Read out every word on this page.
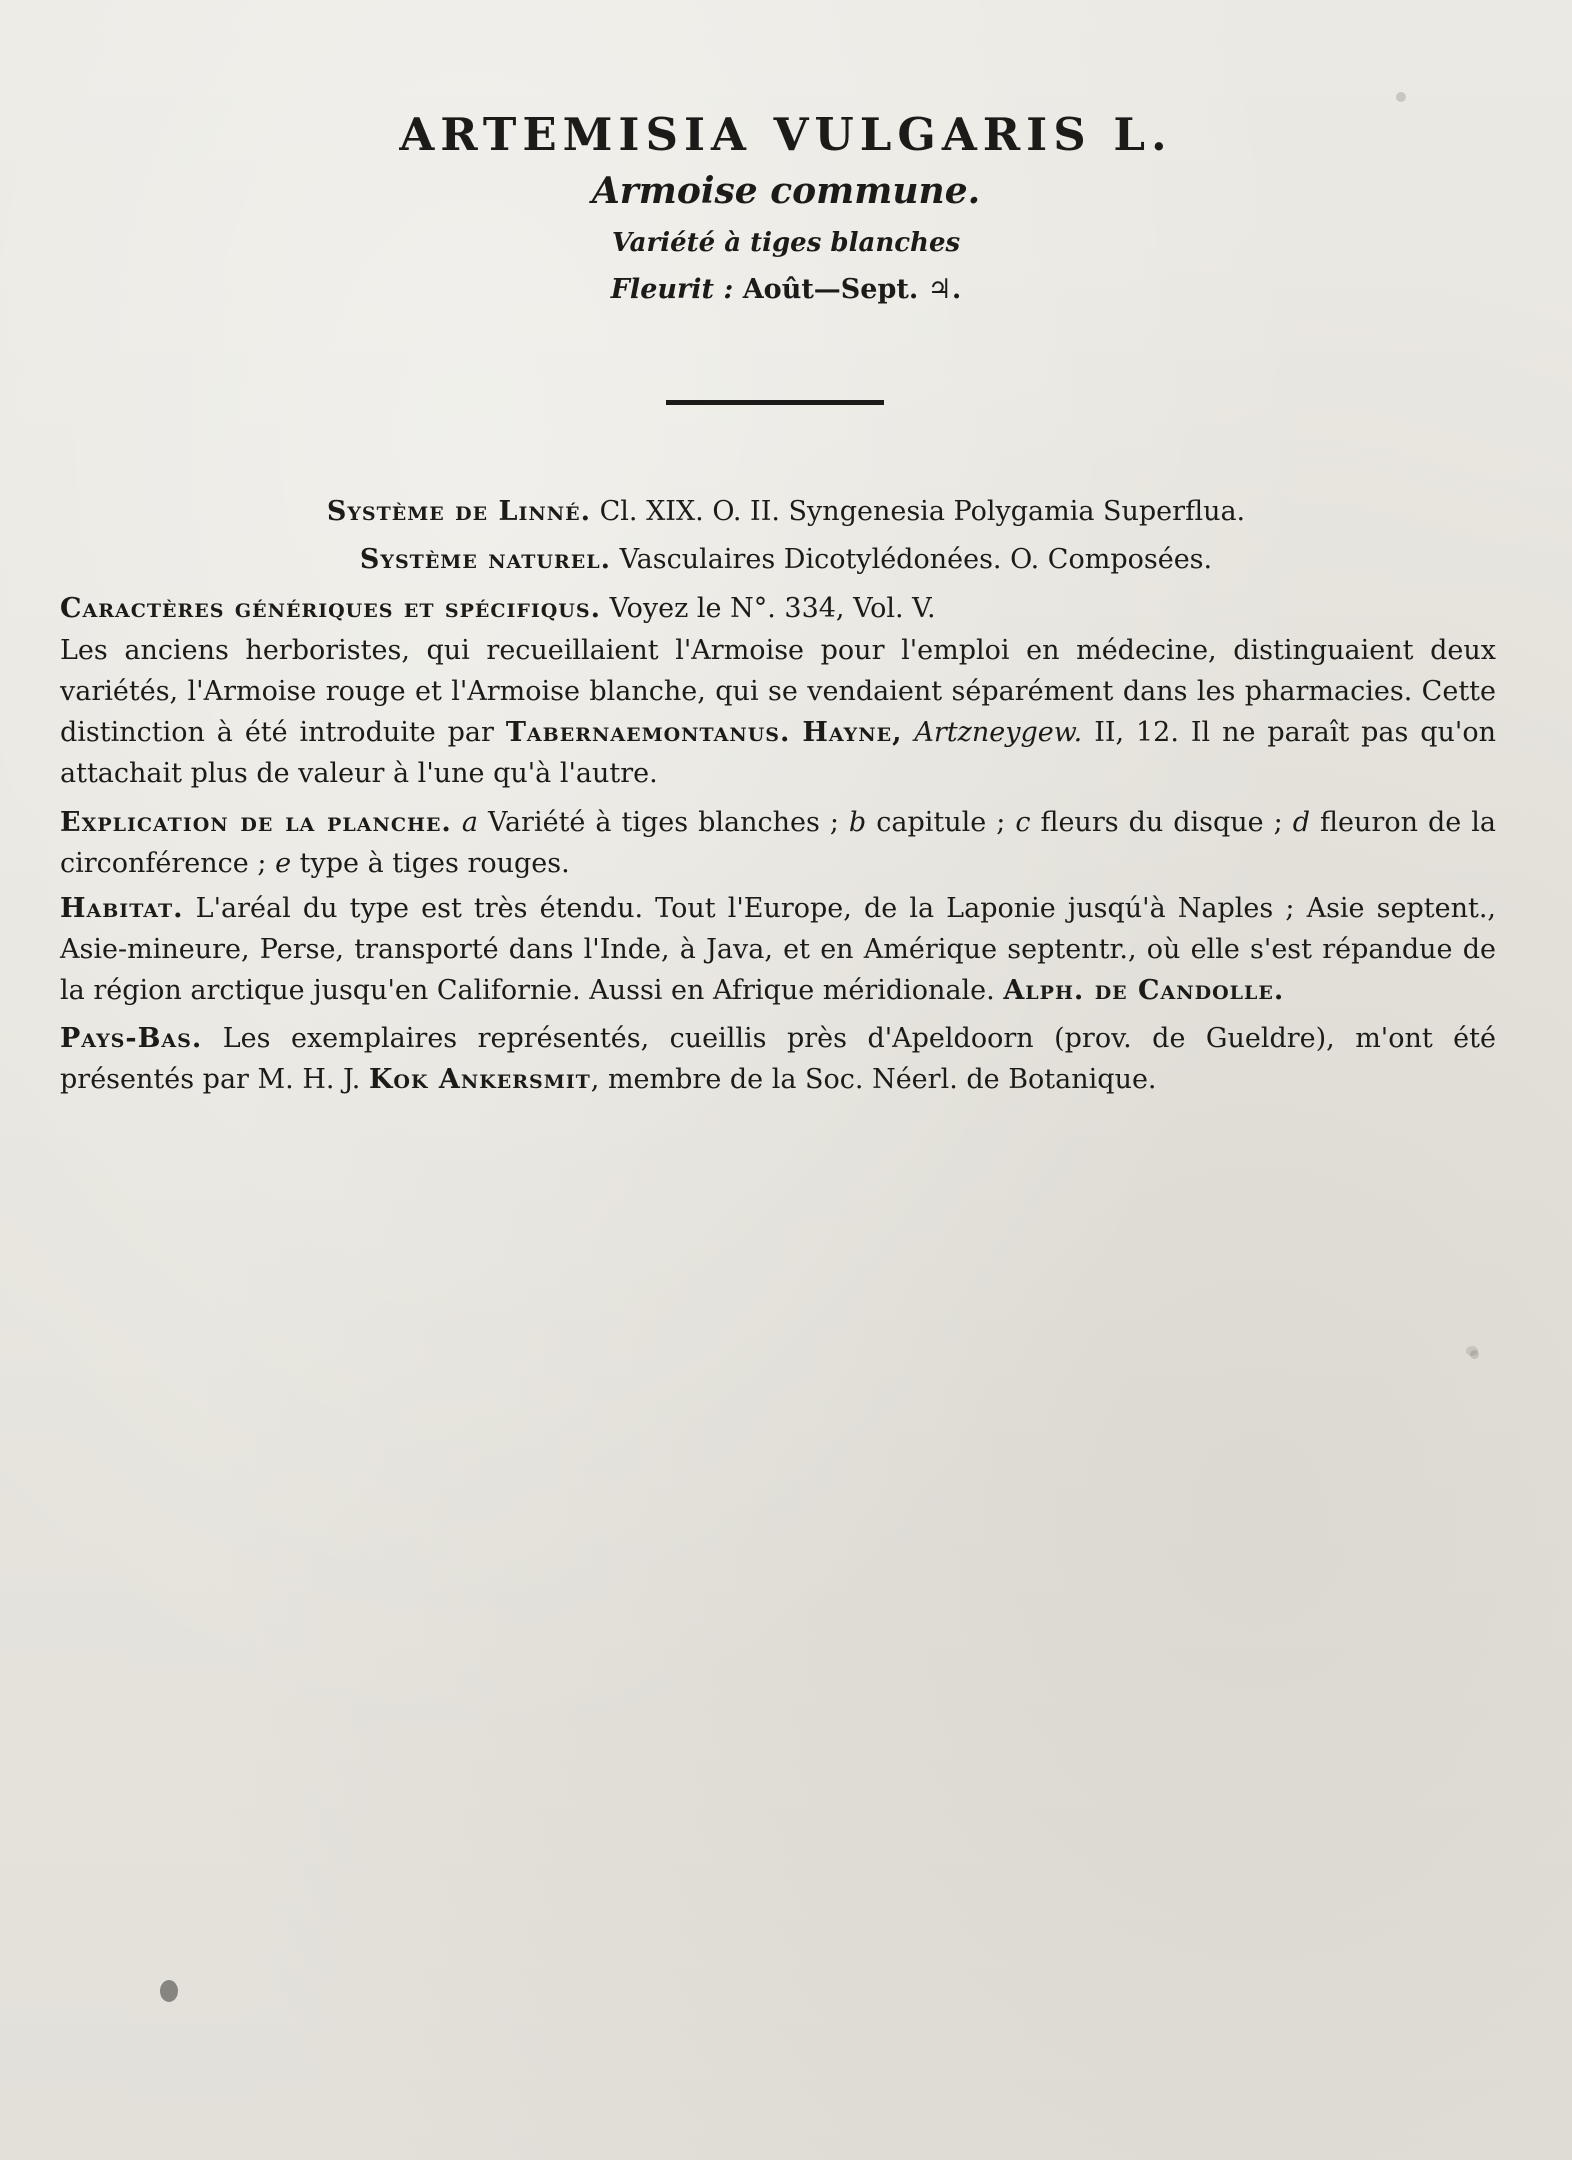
ARTEMISIA VULGARIS L.
Armoise commune.
Variété à tiges blanches
Fleurit : Août—Sept. ♃.
Système de Linné. Cl. XIX. O. II. Syngenesia Polygamia Superflua.
Système naturel. Vasculaires Dicotylédonées. O. Composées.

Caractères génériques et spécifiqus. Voyez le N°. 334, Vol. V.

Les anciens herboristes, qui recueillaient l'Armoise pour l'emploi en médecine, distinguaient deux variétés, l'Armoise rouge et l'Armoise blanche, qui se vendaient séparément dans les pharmacies. Cette distinction à été introduite par Tabernaemontanus. Hayne, Artzneygew. II, 12. Il ne paraît pas qu'on attachait plus de valeur à l'une qu'à l'autre.

Explication de la planche. a Variété à tiges blanches ; b capitule ; c fleurs du disque ; d fleuron de la circonférence ; e type à tiges rouges.

Habitat. L'aréal du type est très étendu. Tout l'Europe, de la Laponie jusqú'à Naples ; Asie septent., Asie-mineure, Perse, transporté dans l'Inde, à Java, et en Amérique septentr., où elle s'est répandue de la région arctique jusqu'en Californie. Aussi en Afrique méridionale. Alph. de Candolle.

Pays-Bas. Les exemplaires représentés, cueillis près d'Apeldoorn (prov. de Gueldre), m'ont été présentés par M. H. J. Kok Ankersmit, membre de la Soc. Néerl. de Botanique.
